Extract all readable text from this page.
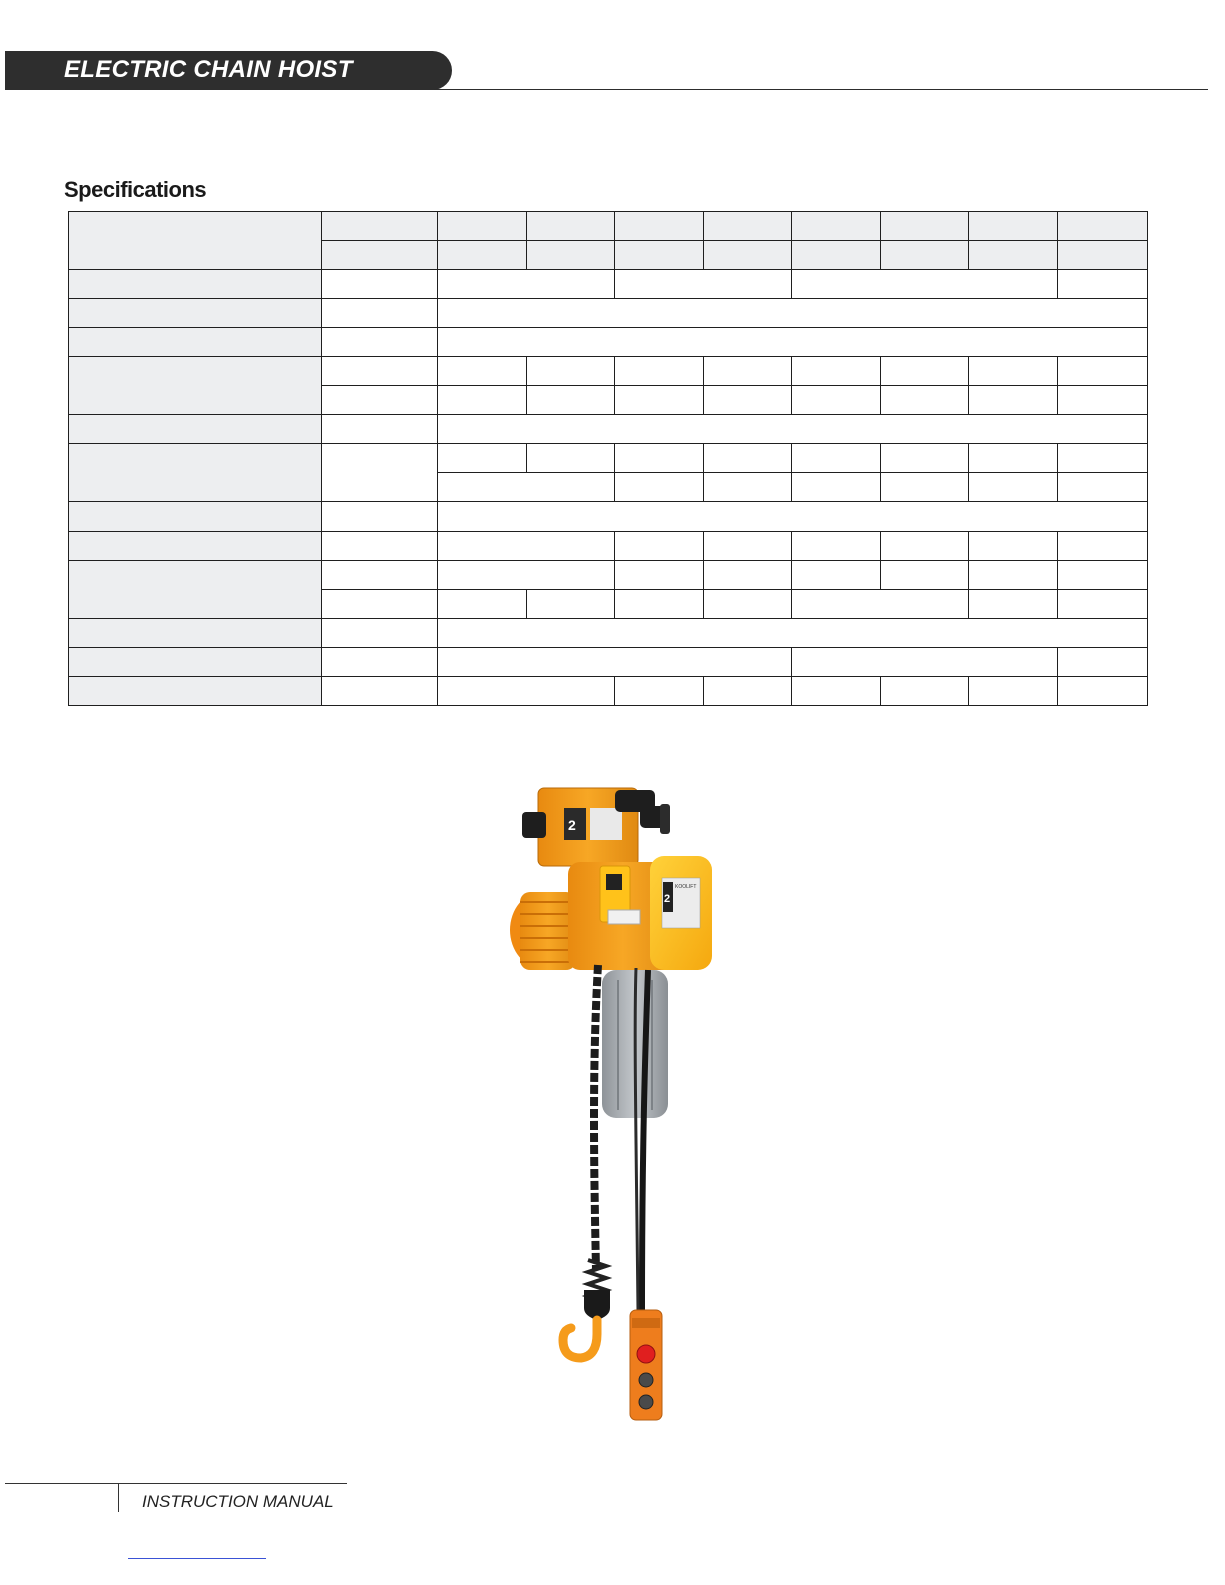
ELECTRIC CHAIN HOIST
Specifications

2
2
KOOLIFT
INSTRUCTION MANUAL
